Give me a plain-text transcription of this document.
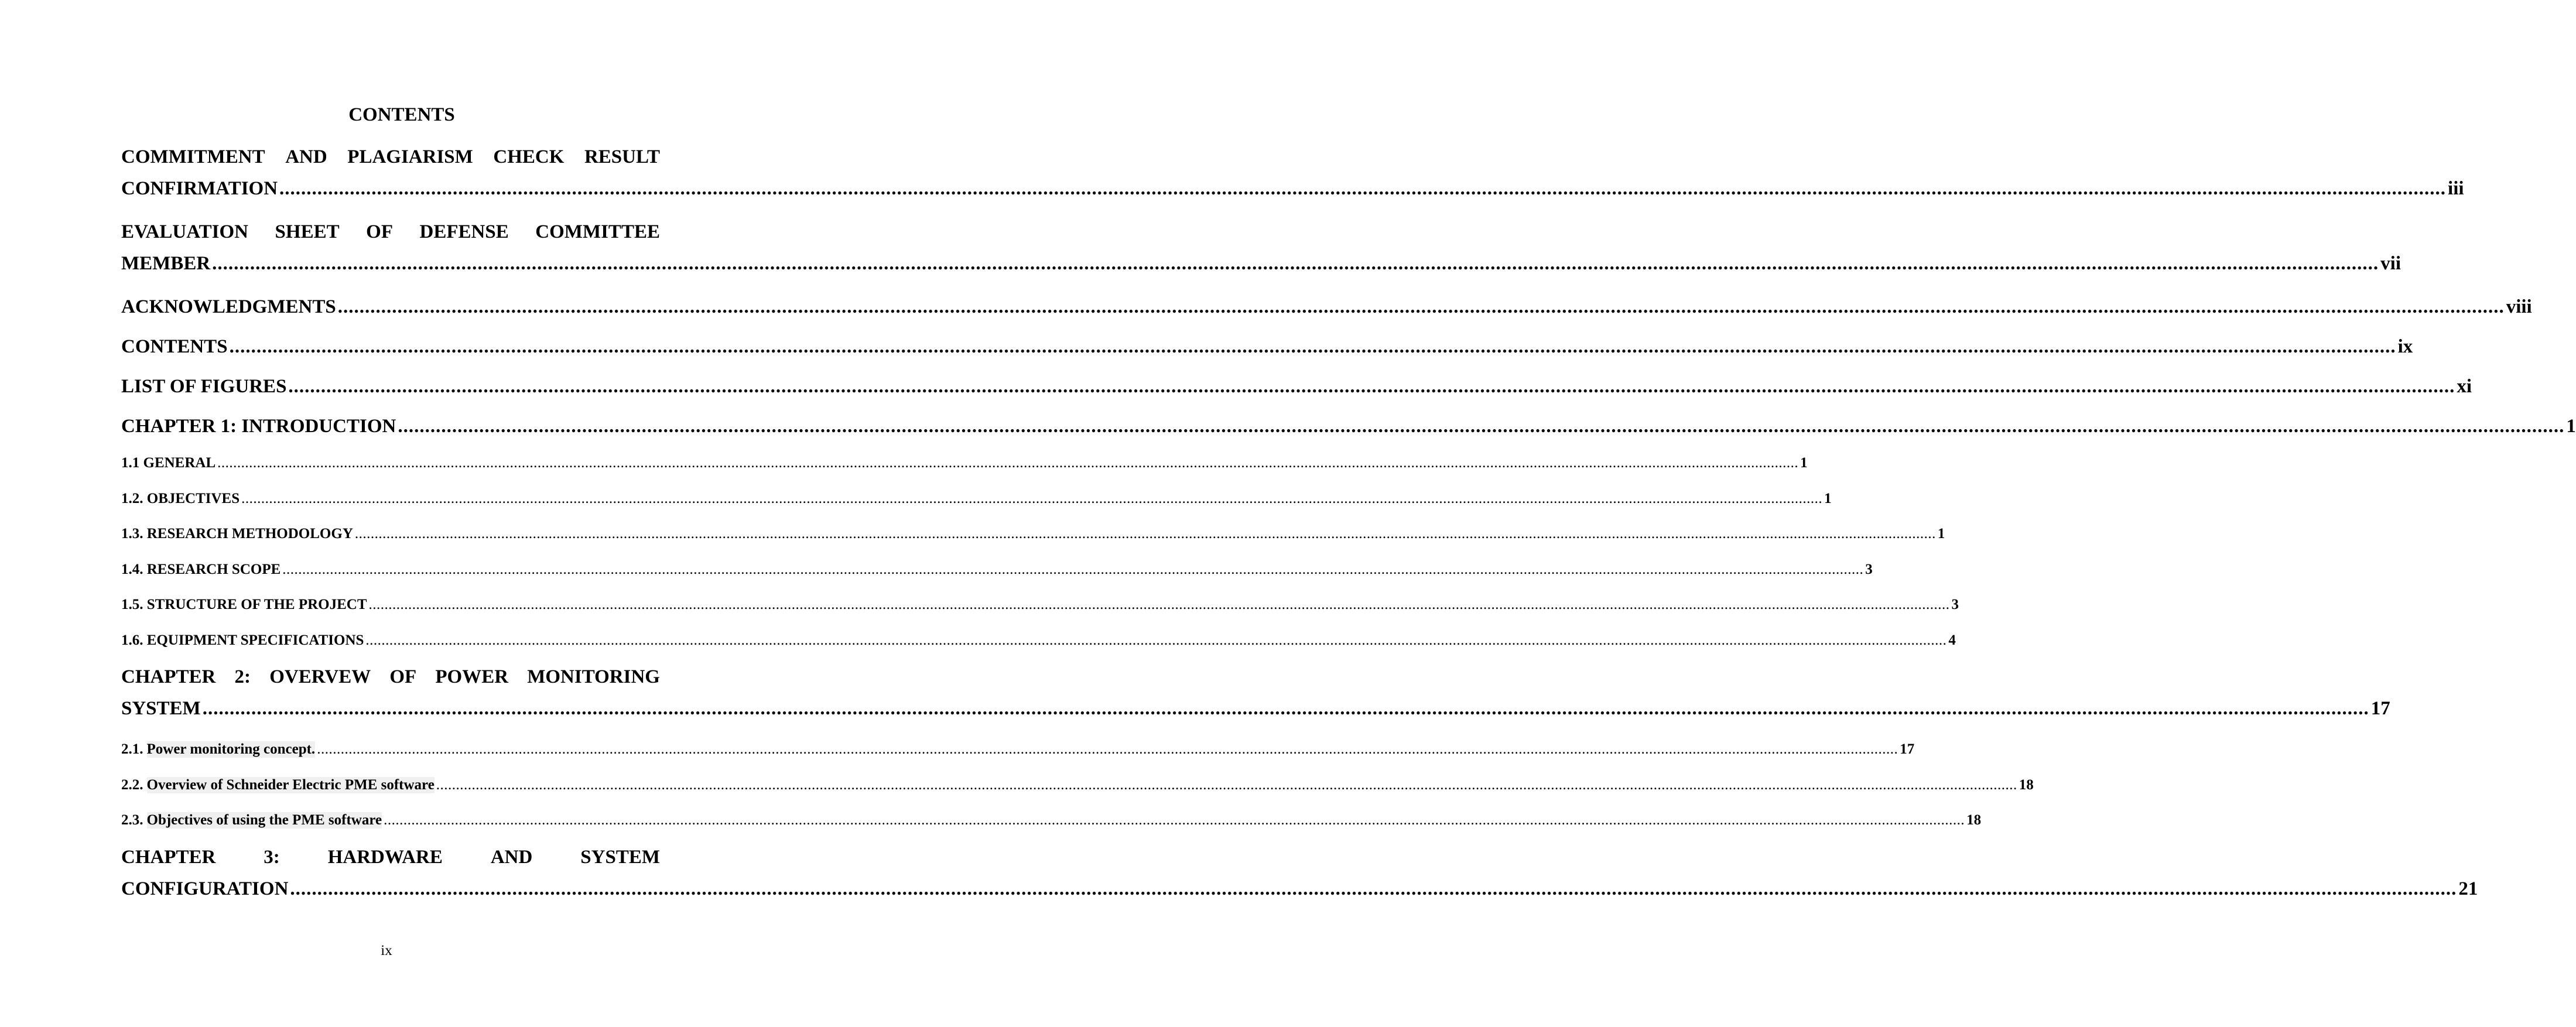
CONTENTS
COMMITMENT AND PLAGIARISM CHECK RESULT
CONFIRMATION ................................................................................................................................................................................................................................................................................................................................................................................................................ iii
EVALUATION SHEET OF DEFENSE COMMITTEE
MEMBER ................................................................................................................................................................................................................................................................................................................................................................................................................ vii
ACKNOWLEDGMENTS ................................................................................................................................................................................................................................................................................................................................................................................................................ viii
CONTENTS ................................................................................................................................................................................................................................................................................................................................................................................................................ ix
LIST OF FIGURES ................................................................................................................................................................................................................................................................................................................................................................................................................ xi
CHAPTER 1: INTRODUCTION ................................................................................................................................................................................................................................................................................................................................................................................................................ 1
1.1 GENERAL ................................................................................................................................................................................................................................................................................................................................................................................................................ 1
1.2. OBJECTIVES ................................................................................................................................................................................................................................................................................................................................................................................................................ 1
1.3. RESEARCH METHODOLOGY ................................................................................................................................................................................................................................................................................................................................................................................................................ 1
1.4. RESEARCH SCOPE ................................................................................................................................................................................................................................................................................................................................................................................................................ 3
1.5. STRUCTURE OF THE PROJECT ................................................................................................................................................................................................................................................................................................................................................................................................................ 3
1.6. EQUIPMENT SPECIFICATIONS ................................................................................................................................................................................................................................................................................................................................................................................................................ 4
CHAPTER 2: OVERVEW OF POWER MONITORING
SYSTEM ................................................................................................................................................................................................................................................................................................................................................................................................................ 17
2.1. Power monitoring concept. ................................................................................................................................................................................................................................................................................................................................................................................................................ 17
2.2. Overview of Schneider Electric PME software ................................................................................................................................................................................................................................................................................................................................................................................................................ 18
2.3. Objectives of using the PME software ................................................................................................................................................................................................................................................................................................................................................................................................................ 18
CHAPTER 3: HARDWARE AND SYSTEM
CONFIGURATION ................................................................................................................................................................................................................................................................................................................................................................................................................ 21
ix
